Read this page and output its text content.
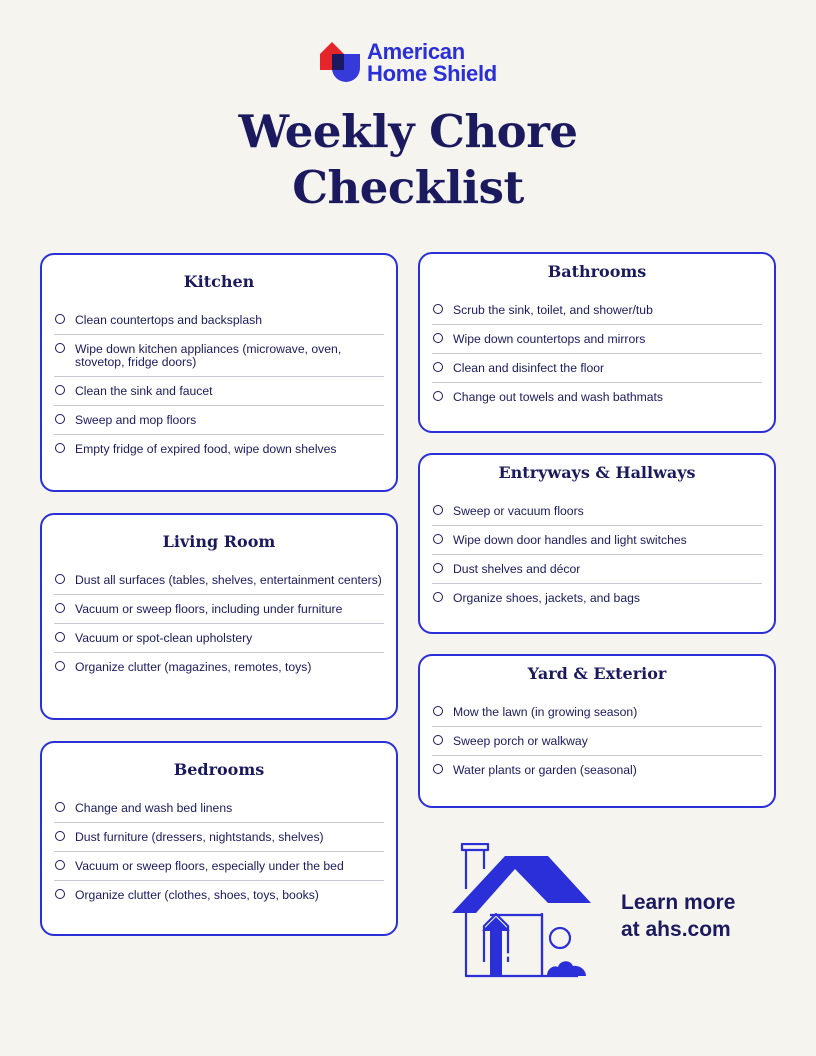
American
Home Shield
Weekly Chore
Checklist
Kitchen
Clean countertops and backsplash
Wipe down kitchen appliances (microwave, oven, stovetop, fridge doors)
Clean the sink and faucet
Sweep and mop floors
Empty fridge of expired food, wipe down shelves
Living Room
Dust all surfaces (tables, shelves, entertainment centers)
Vacuum or sweep floors, including under furniture
Vacuum or spot-clean upholstery
Organize clutter (magazines, remotes, toys)
Bedrooms
Change and wash bed linens
Dust furniture (dressers, nightstands, shelves)
Vacuum or sweep floors, especially under the bed
Organize clutter (clothes, shoes, toys, books)
Bathrooms
Scrub the sink, toilet, and shower/tub
Wipe down countertops and mirrors
Clean and disinfect the floor
Change out towels and wash bathmats
Entryways & Hallways
Sweep or vacuum floors
Wipe down door handles and light switches
Dust shelves and décor
Organize shoes, jackets, and bags
Yard & Exterior
Mow the lawn (in growing season)
Sweep porch or walkway
Water plants or garden (seasonal)
Learn more
at ahs.com
